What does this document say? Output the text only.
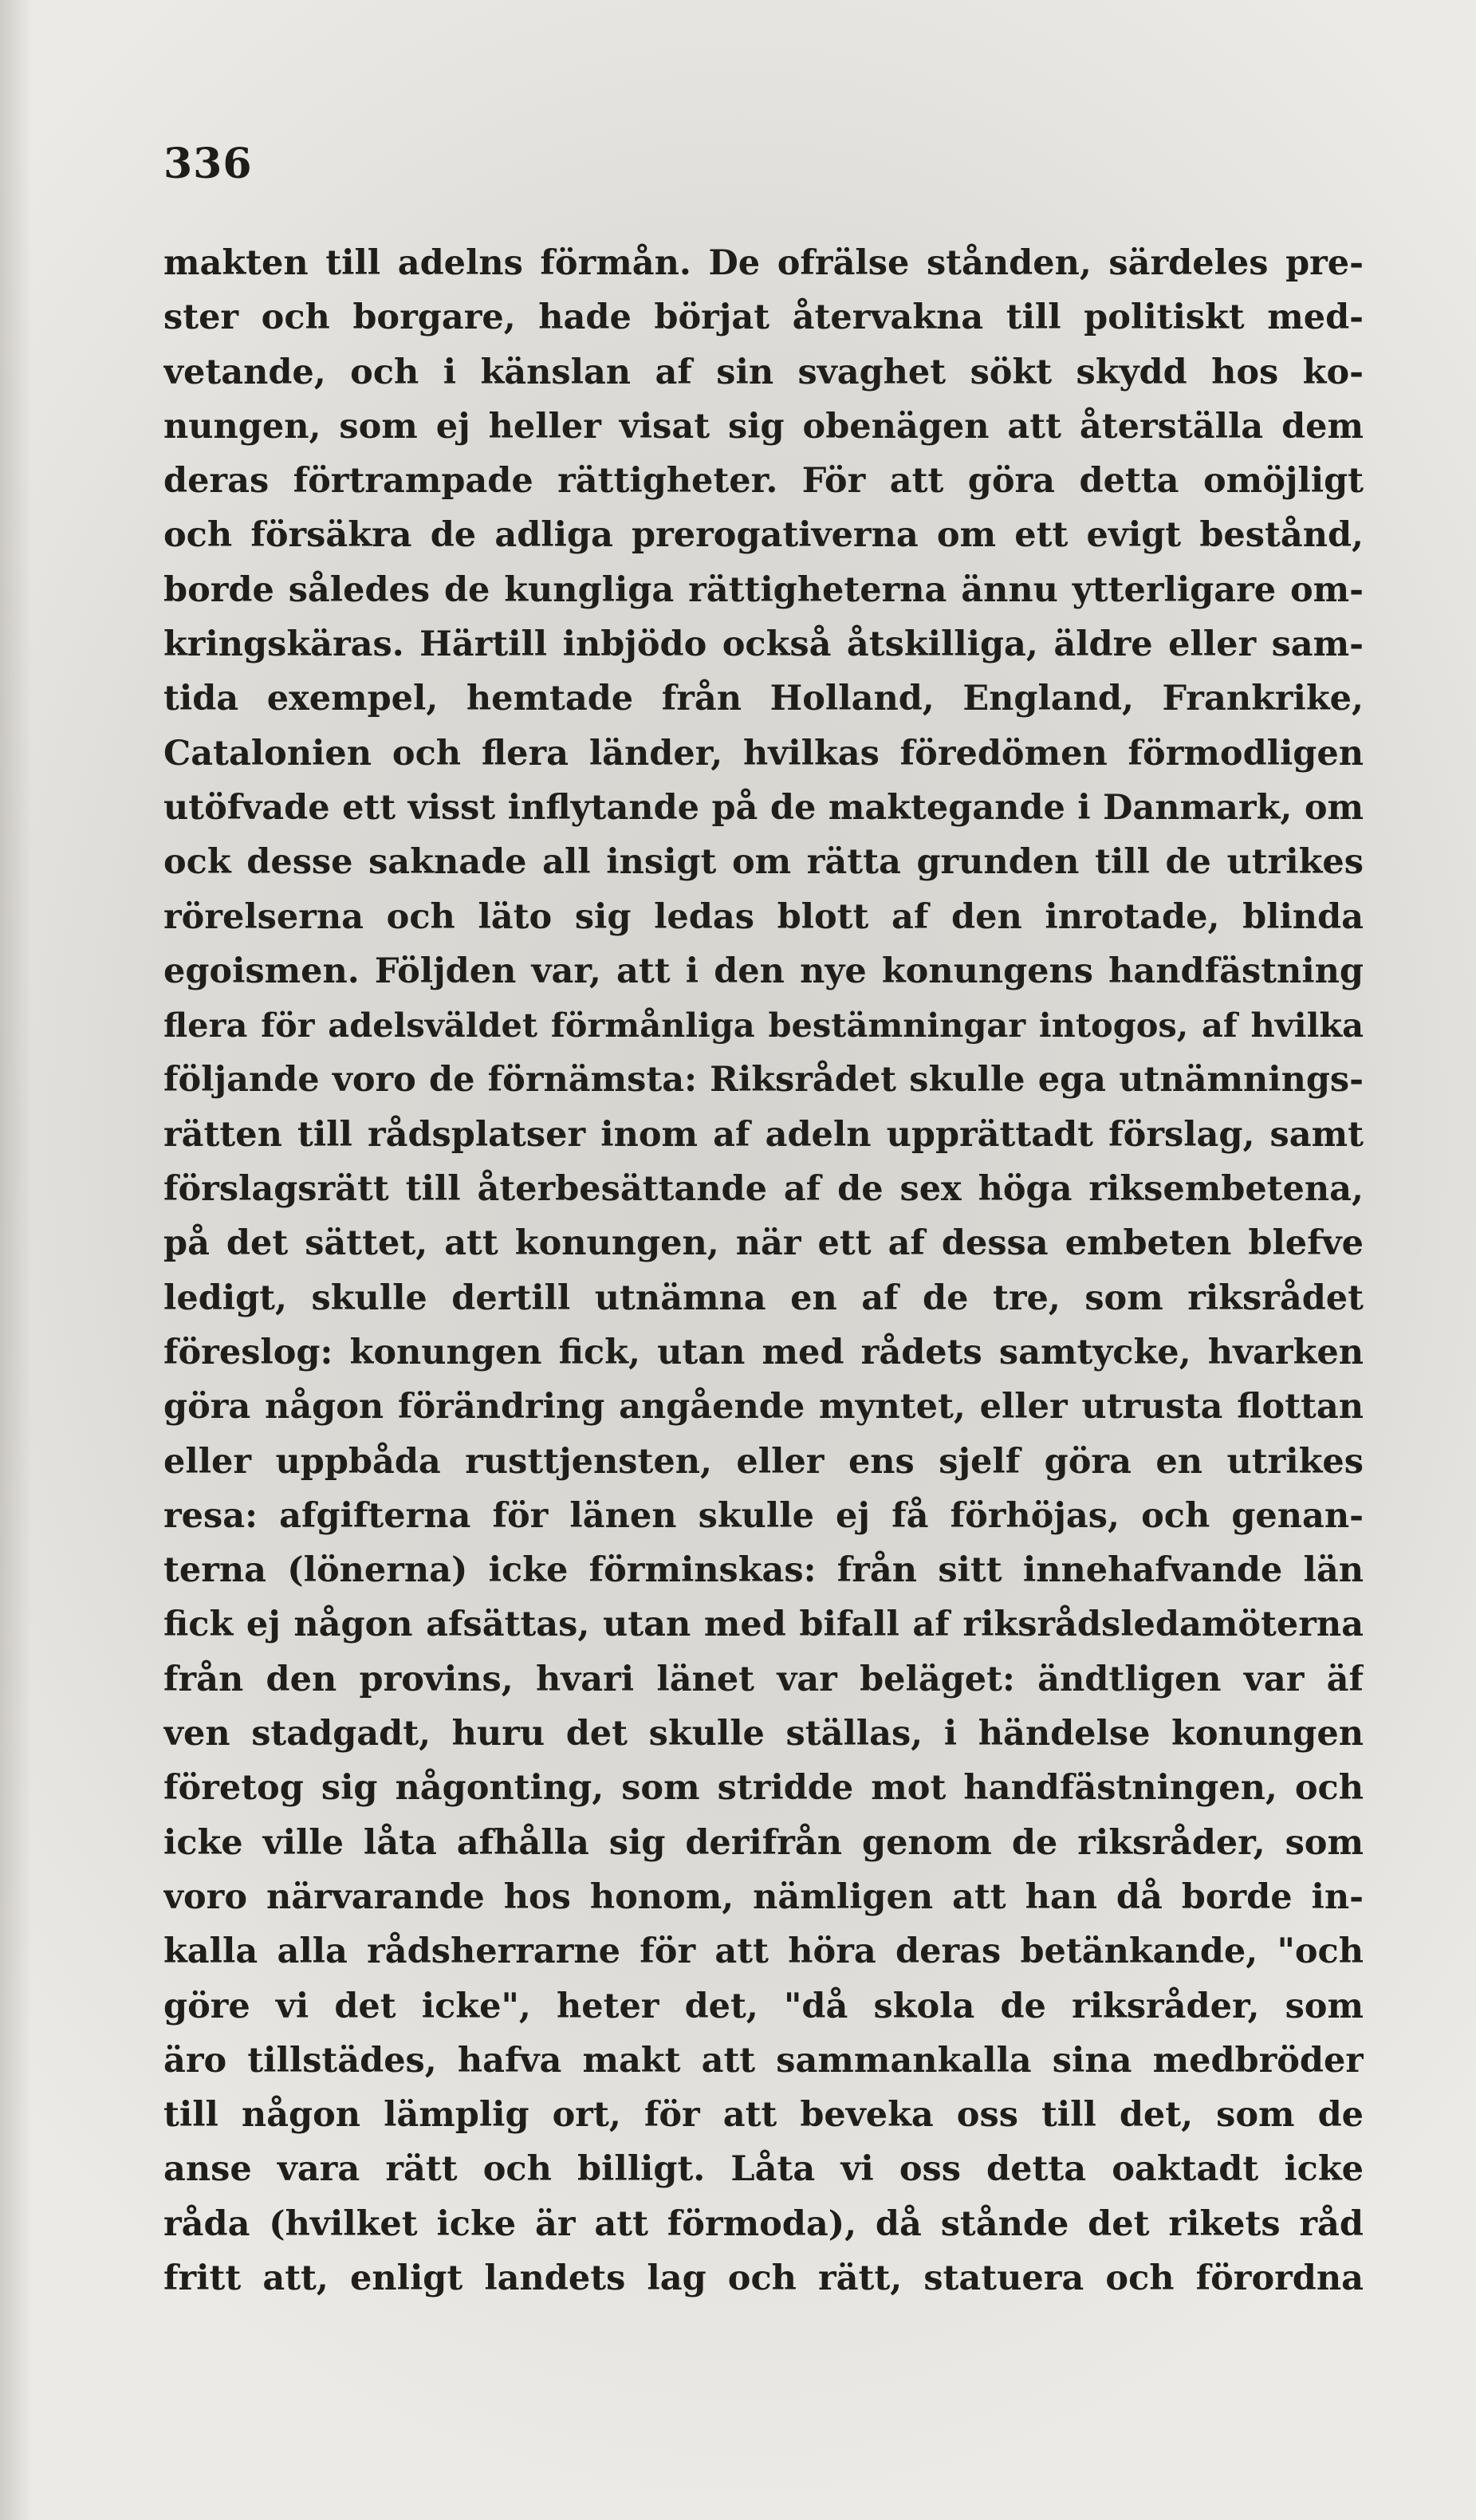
336
makten till adelns förmån. De ofrälse stånden, särdeles pre-
ster och borgare, hade börjat återvakna till politiskt med-
vetande, och i känslan af sin svaghet sökt skydd hos ko-
nungen, som ej heller visat sig obenägen att återställa dem
deras förtrampade rättigheter. För att göra detta omöjligt
och försäkra de adliga prerogativerna om ett evigt bestånd,
borde således de kungliga rättigheterna ännu ytterligare om-
kringskäras. Härtill inbjödo också åtskilliga, äldre eller sam-
tida exempel, hemtade från Holland, England, Frankrike,
Catalonien och flera länder, hvilkas föredömen förmodligen
utöfvade ett visst inflytande på de maktegande i Danmark, om
ock desse saknade all insigt om rätta grunden till de utrikes
rörelserna och läto sig ledas blott af den inrotade, blinda
egoismen. Följden var, att i den nye konungens handfästning
flera för adelsväldet förmånliga bestämningar intogos, af hvilka
följande voro de förnämsta: Riksrådet skulle ega utnämnings-
rätten till rådsplatser inom af adeln upprättadt förslag, samt
förslagsrätt till återbesättande af de sex höga riksembetena,
på det sättet, att konungen, när ett af dessa embeten blefve
ledigt, skulle dertill utnämna en af de tre, som riksrådet
föreslog: konungen fick, utan med rådets samtycke, hvarken
göra någon förändring angående myntet, eller utrusta flottan
eller uppbåda rusttjensten, eller ens sjelf göra en utrikes
resa: afgifterna för länen skulle ej få förhöjas, och genan-
terna (lönerna) icke förminskas: från sitt innehafvande län
fick ej någon afsättas, utan med bifall af riksrådsledamöterna
från den provins, hvari länet var beläget: ändtligen var äf
ven stadgadt, huru det skulle ställas, i händelse konungen
företog sig någonting, som stridde mot handfästningen, och
icke ville låta afhålla sig derifrån genom de riksråder, som
voro närvarande hos honom, nämligen att han då borde in-
kalla alla rådsherrarne för att höra deras betänkande, "och
göre vi det icke", heter det, "då skola de riksråder, som
äro tillstädes, hafva makt att sammankalla sina medbröder
till någon lämplig ort, för att beveka oss till det, som de
anse vara rätt och billigt. Låta vi oss detta oaktadt icke
råda (hvilket icke är att förmoda), då stånde det rikets råd
fritt att, enligt landets lag och rätt, statuera och förordna
